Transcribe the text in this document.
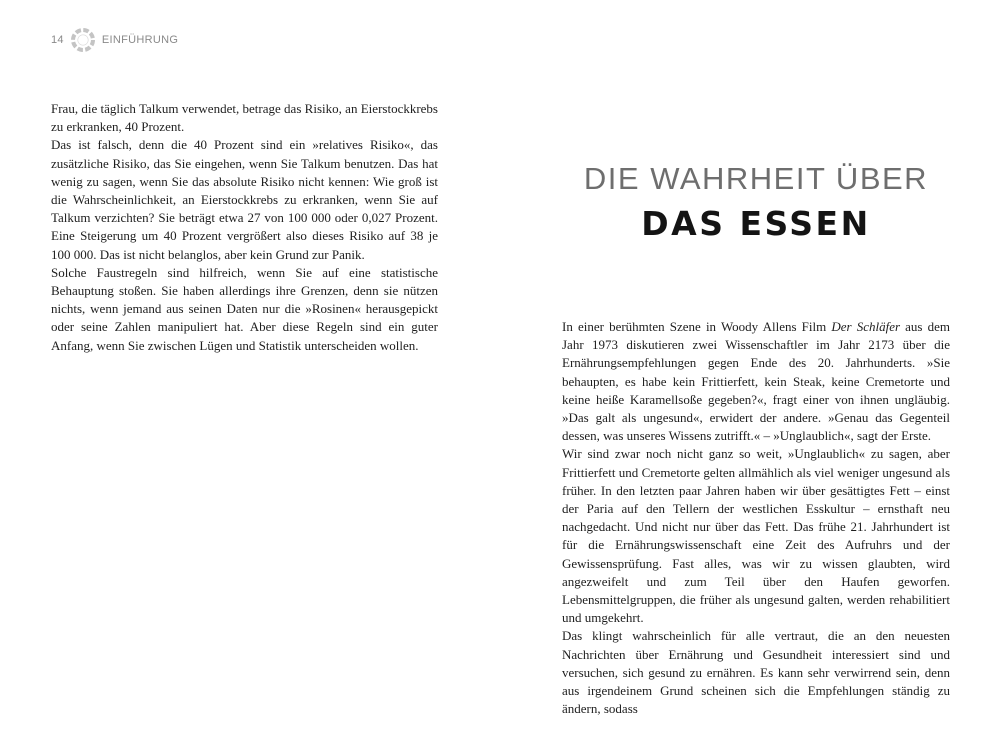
14	EINFÜHRUNG

Frau, die täglich Talkum verwendet, betrage das Risiko, an Eierstockkrebs zu erkranken, 40 Prozent.

Das ist falsch, denn die 40 Prozent sind ein »relatives Risiko«, das zusätzliche Risiko, das Sie eingehen, wenn Sie Talkum benutzen. Das hat wenig zu sagen, wenn Sie das absolute Risiko nicht kennen: Wie groß ist die Wahrscheinlichkeit, an Eierstockkrebs zu erkranken, wenn Sie auf Talkum verzichten? Sie beträgt etwa 27 von 100 000 oder 0,027 Prozent. Eine Steigerung um 40 Prozent vergrößert also dieses Risiko auf 38 je 100 000. Das ist nicht belanglos, aber kein Grund zur Panik.

Solche Faustregeln sind hilfreich, wenn Sie auf eine statistische Behauptung stoßen. Sie haben allerdings ihre Grenzen, denn sie nützen nichts, wenn jemand aus seinen Daten nur die »Rosinen« herausgepickt oder seine Zahlen manipuliert hat. Aber diese Regeln sind ein guter Anfang, wenn Sie zwischen Lügen und Statistik unterscheiden wollen.

DIE WAHRHEIT ÜBER
DAS ESSEN

In einer berühmten Szene in Woody Allens Film Der Schläfer aus dem Jahr 1973 diskutieren zwei Wissenschaftler im Jahr 2173 über die Ernährungsempfehlungen gegen Ende des 20. Jahrhunderts. »Sie behaupten, es habe kein Frittierfett, kein Steak, keine Cremetorte und keine heiße Karamellsoße gegeben?«, fragt einer von ihnen ungläubig. »Das galt als ungesund«, erwidert der andere. »Genau das Gegenteil dessen, was unseres Wissens zutrifft.« – »Unglaublich«, sagt der Erste.

Wir sind zwar noch nicht ganz so weit, »Unglaublich« zu sagen, aber Frittierfett und Cremetorte gelten allmählich als viel weniger ungesund als früher. In den letzten paar Jahren haben wir über gesättigtes Fett – einst der Paria auf den Tellern der westlichen Esskultur – ernsthaft neu nachgedacht. Und nicht nur über das Fett. Das frühe 21. Jahrhundert ist für die Ernährungswissenschaft eine Zeit des Aufruhrs und der Gewissensprüfung. Fast alles, was wir zu wissen glaubten, wird angezweifelt und zum Teil über den Haufen geworfen. Lebensmittelgruppen, die früher als ungesund galten, werden rehabilitiert und umgekehrt.

Das klingt wahrscheinlich für alle vertraut, die an den neuesten Nachrichten über Ernährung und Gesundheit interessiert sind und versuchen, sich gesund zu ernähren. Es kann sehr verwirrend sein, denn aus irgendeinem Grund scheinen sich die Empfehlungen ständig zu ändern, sodass
